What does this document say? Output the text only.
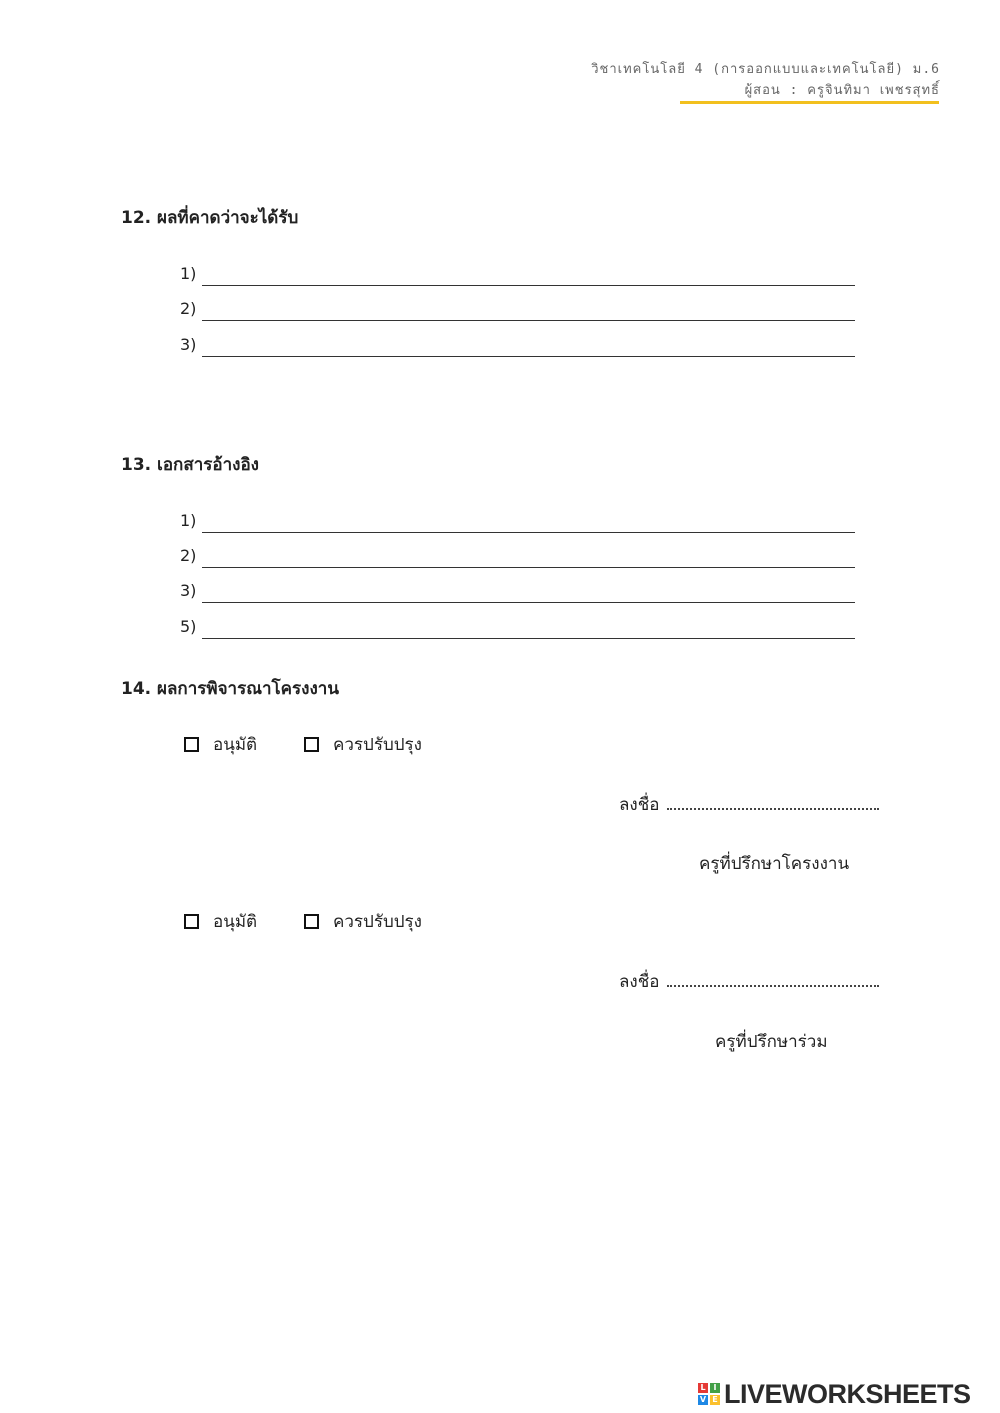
วิชาเทคโนโลยี 4 (การออกแบบและเทคโนโลยี) ม.6
ผู้สอน : ครูจินทิมา เพชรสุทธิ์
12. ผลที่คาดว่าจะได้รับ
1)
2)
3)
13. เอกสารอ้างอิง
1)
2)
3)
5)
14. ผลการพิจารณาโครงงาน
อนุมัติ	ควรปรับปรุง
ลงชื่อ
ครูที่ปรึกษาโครงงาน
อนุมัติ	ควรปรับปรุง
ลงชื่อ
ครูที่ปรึกษาร่วม
L I
V E LIVEWORKSHEETS
